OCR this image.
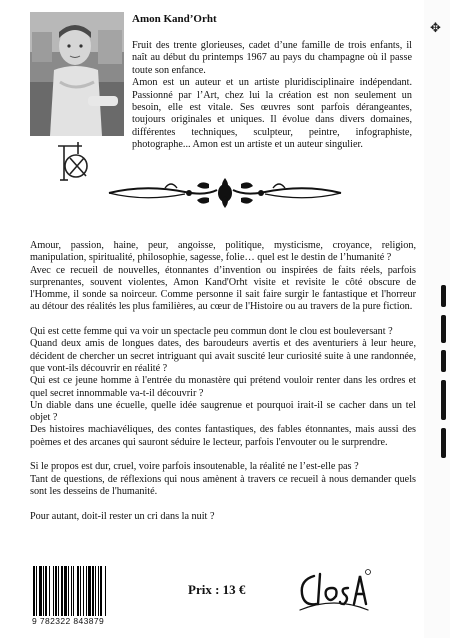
✥
Amon Kand’Orht

Fruit des trente glorieuses, cadet d’une famille de trois enfants, il naît au début du printemps 1967 au pays du champagne où il passe toute son enfance.

Amon est un auteur et un artiste pluridisciplinaire indépendant. Passionné par l’Art, chez lui la création est non seulement un besoin, elle est vitale. Ses œuvres sont parfois dérangeantes, toujours originales et uniques. Il évolue dans divers domaines, différentes techniques, sculpteur, peintre, infographiste, photographe... Amon est un artiste et un auteur singulier.

Amour, passion, haine, peur, angoisse, politique, mysticisme, croyance, religion, manipulation, spiritualité, philosophie, sagesse, folie… quel est le destin de l’humanité ?

Avec ce recueil de nouvelles, étonnantes d’invention ou inspirées de faits réels, parfois surprenantes, souvent violentes, Amon Kand'Orht visite et revisite le côté obscure de l'Homme, il sonde sa noirceur. Comme personne il sait faire surgir le fantastique et l'horreur au détour des réalités les plus familières, au cœur de l'Histoire ou au travers de la pure fiction.

Qui est cette femme qui va voir un spectacle peu commun dont le clou est bouleversant ?

Quand deux amis de longues dates, des baroudeurs avertis et des aventuriers à leur heure, décident de chercher un secret intriguant qui avait suscité leur curiosité suite à une randonnée, que vont-ils découvrir en réalité ?

Qui est ce jeune homme à l'entrée du monastère qui prétend vouloir renter dans les ordres et quel secret innommable va-t-il découvrir ?

Un diable dans une écuelle, quelle idée saugrenue et pourquoi irait-il se cacher dans un tel objet ?

Des histoires machiavéliques, des contes fantastiques, des fables étonnantes, mais aussi des poèmes et des arcanes qui sauront séduire le lecteur, parfois l'envouter ou le surprendre.

Si le propos est dur, cruel, voire parfois insoutenable, la réalité ne l’est-elle pas ?

Tant de questions, de réflexions qui nous amènent à travers ce recueil à nous demander quels sont les desseins de l'humanité.

Pour autant, doit-il rester un cri dans la nuit ?

9 782322 843879
Prix : 13 €
